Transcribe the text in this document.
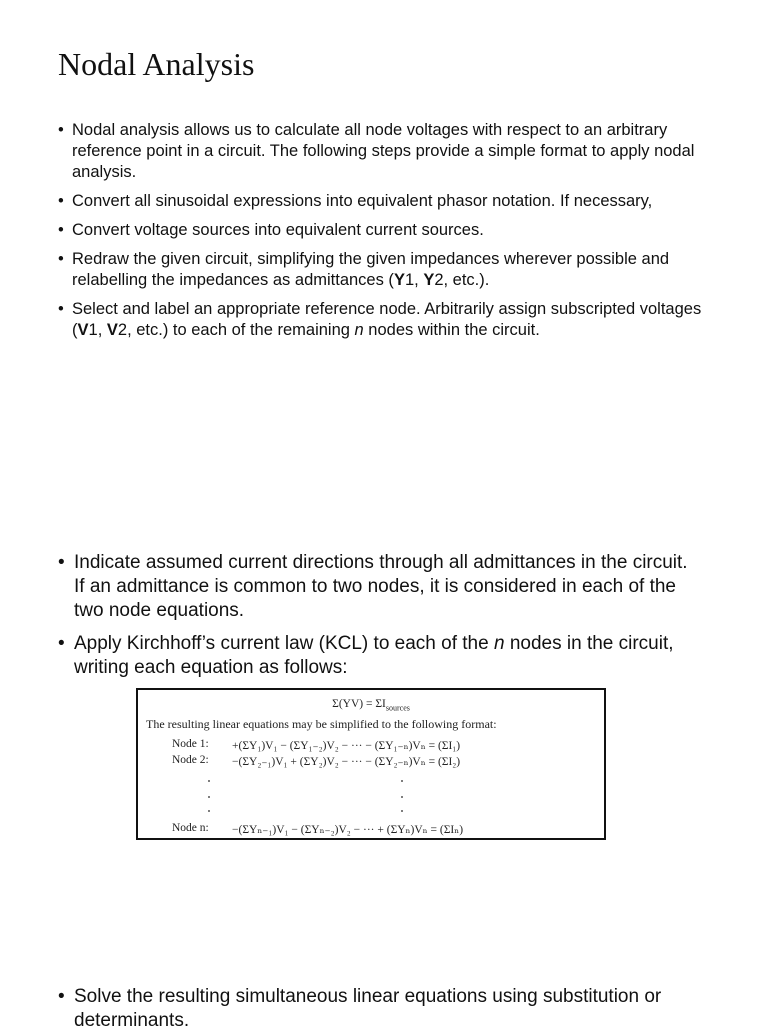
Nodal Analysis
• Nodal analysis allows us to calculate all node voltages with respect to an arbitrary reference point in a circuit. The following steps provide a simple format to apply nodal analysis.
• Convert all sinusoidal expressions into equivalent phasor notation. If necessary,
• Convert voltage sources into equivalent current sources.
• Redraw the given circuit, simplifying the given impedances wherever possible and relabelling the impedances as admittances (Y1, Y2, etc.).
• Select and label an appropriate reference node. Arbitrarily assign subscripted voltages (V1, V2, etc.) to each of the remaining n nodes within the circuit.
• Indicate assumed current directions through all admittances in the circuit. If an admittance is common to two nodes, it is considered in each of the two node equations.
• Apply Kirchhoff’s current law (KCL) to each of the n nodes in the circuit, writing each equation as follows:
$\Sigma(YV) = \Sigma I_{sources}$
The resulting linear equations may be simplified to the following format:
Node 1: +(ΣY₁)V₁ − (ΣY₁₋₂)V₂ − ··· − (ΣY₁₋ₙ)Vₙ = (ΣI₁)
Node 2: −(ΣY₂₋₁)V₁ + (ΣY₂)V₂ − ··· − (ΣY₂₋ₙ)Vₙ = (ΣI₂)
Node n: −(ΣYₙ₋₁)V₁ − (ΣYₙ₋₂)V₂ − ··· + (ΣYₙ)Vₙ = (ΣIₙ)
• Solve the resulting simultaneous linear equations using substitution or determinants.
